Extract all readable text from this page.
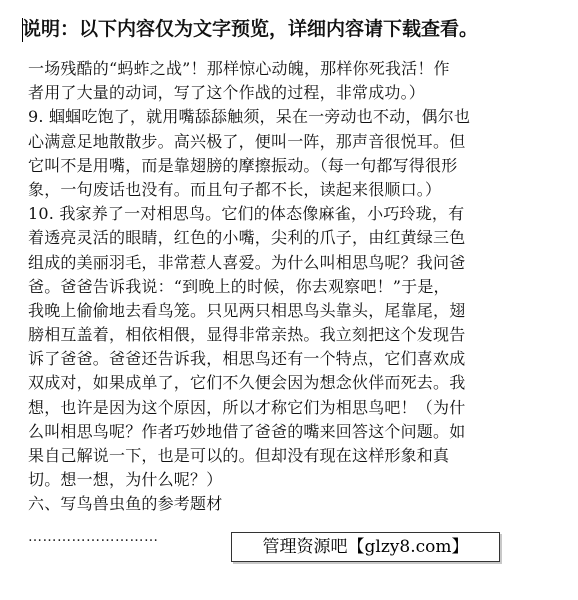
说明：以下内容仅为文字预览，详细内容请下载查看。
一场残酷的“蚂蚱之战”！那样惊心动魄，那样你死我活！作
者用了大量的动词，写了这个作战的过程，非常成功。）
9. 蝈蝈吃饱了，就用嘴舔舔触须，呆在一旁动也不动，偶尔也
心满意足地散散步。高兴极了，便叫一阵，那声音很悦耳。但
它叫不是用嘴，而是靠翅膀的摩擦振动。（每一句都写得很形
象，一句废话也没有。而且句子都不长，读起来很顺口。）
10. 我家养了一对相思鸟。它们的体态像麻雀，小巧玲珑，有
着透亮灵活的眼睛，红色的小嘴，尖利的爪子，由红黄绿三色
组成的美丽羽毛，非常惹人喜爱。为什么叫相思鸟呢？我问爸
爸。爸爸告诉我说：“到晚上的时候，你去观察吧！”于是，
我晚上偷偷地去看鸟笼。只见两只相思鸟头靠头，尾靠尾，翅
膀相互盖着，相依相偎，显得非常亲热。我立刻把这个发现告
诉了爸爸。爸爸还告诉我，相思鸟还有一个特点，它们喜欢成
双成对，如果成单了，它们不久便会因为想念伙伴而死去。我
想，也许是因为这个原因，所以才称它们为相思鸟吧！（为什
么叫相思鸟呢？作者巧妙地借了爸爸的嘴来回答这个问题。如
果自己解说一下，也是可以的。但却没有现在这样形象和真
切。想一想，为什么呢？）
六、写鸟兽虫鱼的参考题材
………………………	管理资源吧【glzy8.com】
